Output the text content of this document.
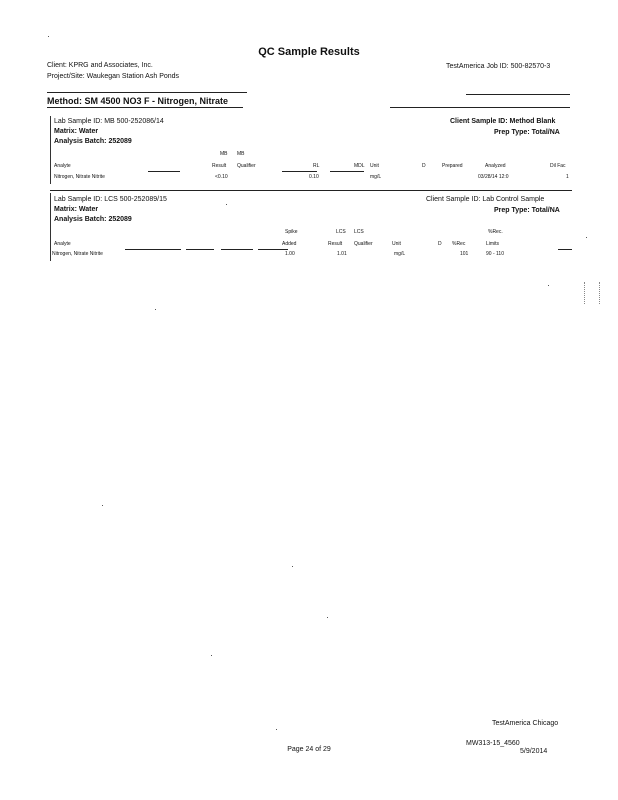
QC Sample Results
Client: KPRG and Associates, Inc.
Project/Site: Waukegan Station Ash Ponds
TestAmerica Job ID: 500-82570-3
Method: SM 4500 NO3 F - Nitrogen, Nitrate
Lab Sample ID: MB 500-252086/14
Matrix: Water
Analysis Batch: 252089
Client Sample ID: Method Blank
Prep Type: Total/NA
MB MB
Analyte	Result Qualifier	RL	MDL Unit	D	Prepared	Analyzed	Dil Fac
Nitrogen, Nitrate Nitrite	<0.10	0.10	mg/L	03/28/14 12:0	1
Lab Sample ID: LCS 500-252089/15
Matrix: Water
Analysis Batch: 252089
Client Sample ID: Lab Control Sample
Prep Type: Total/NA
Spike	LCS LCS	%Rec.
Analyte	Added	Result Qualifier	Unit	D %Rec	Limits
Nitrogen, Nitrate Nitrite	1.00	1.01	mg/L	101	90 - 110
TestAmerica Chicago
Page 24 of 29
MW313-15_4560
5/9/2014
